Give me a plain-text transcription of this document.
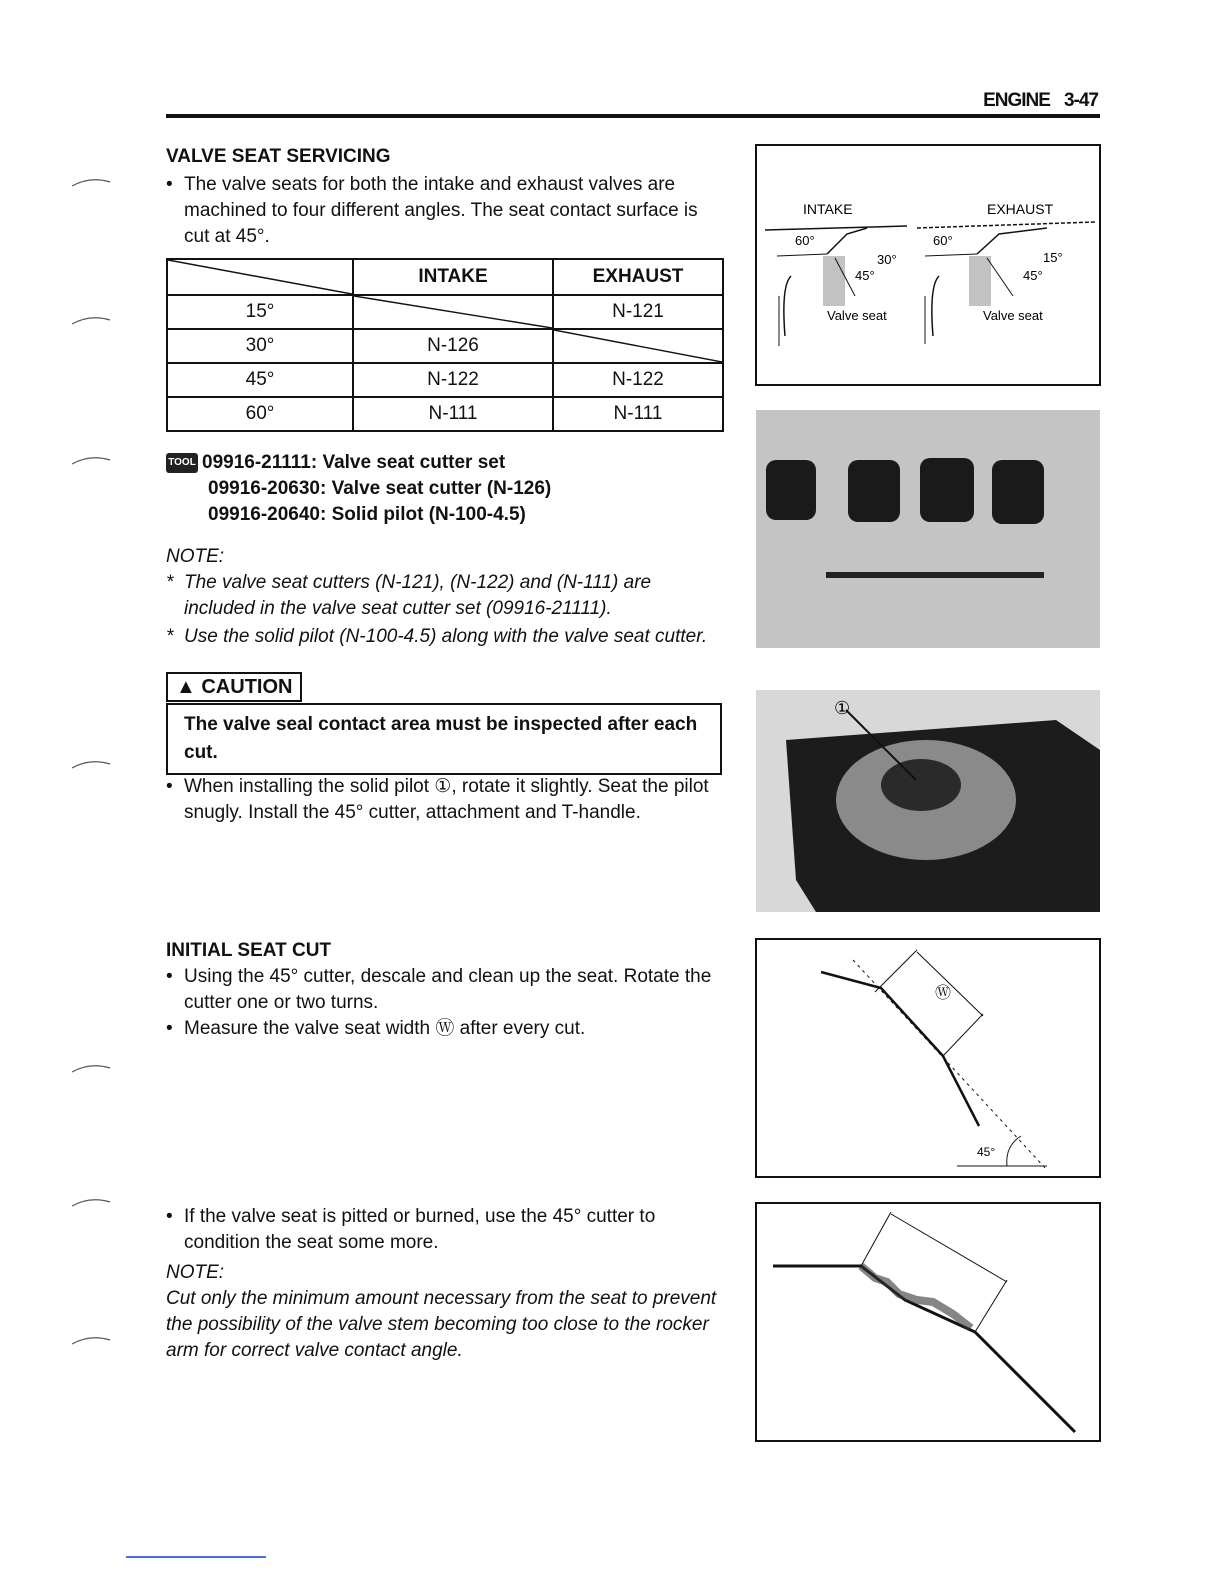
ENGINE 3-47
VALVE SEAT SERVICING
• The valve seats for both the intake and exhaust valves are machined to four different angles. The seat contact surface is cut at 45°.
	INTAKE	EXHAUST
15°		N-121
30°	N-126	

45°	N-122	N-122
60°	N-111	N-111
TOOL 09916-21111: Valve seat cutter set
09916-20630: Valve seat cutter (N-126)
09916-20640: Solid pilot (N-100-4.5)
NOTE:
* The valve seat cutters (N-121), (N-122) and (N-111) are included in the valve seat cutter set (09916-21111).
* Use the solid pilot (N-100-4.5) along with the valve seat cutter.
▲ CAUTION
The valve seal contact area must be inspected after each cut.
• When installing the solid pilot ①, rotate it slightly. Seat the pilot snugly. Install the 45° cutter, attachment and T-handle.
INITIAL SEAT CUT
• Using the 45° cutter, descale and clean up the seat. Rotate the cutter one or two turns.
• Measure the valve seat width Ⓦ after every cut.
• If the valve seat is pitted or burned, use the 45° cutter to condition the seat some more.
NOTE:
Cut only the minimum amount necessary from the seat to prevent the possibility of the valve stem becoming too close to the rocker arm for correct valve contact angle.
INTAKE	EXHAUST
60°
30°
45°
Valve seat
60°
15°
45°
Valve seat
①
Ⓦ
45°
